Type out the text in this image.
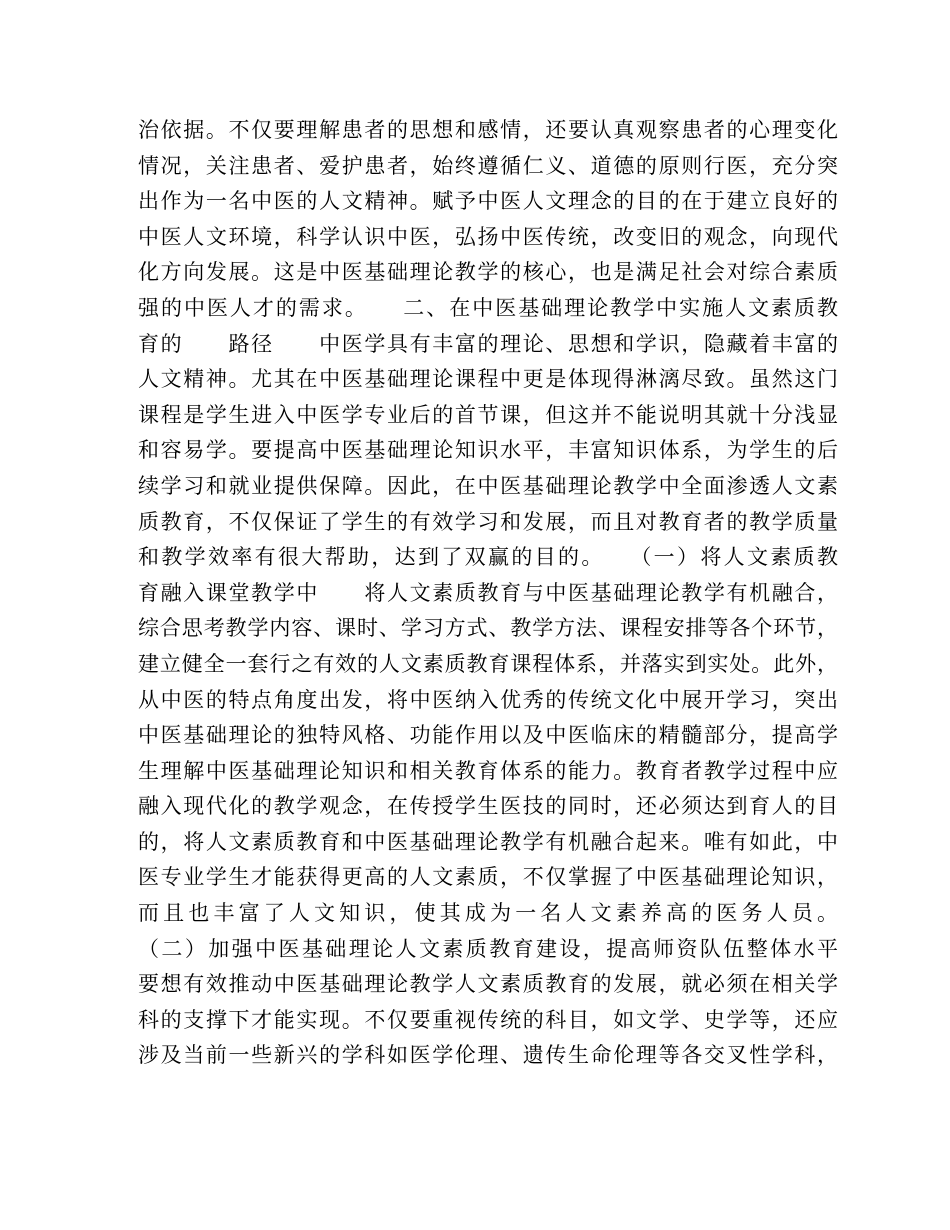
治依据。不仅要理解患者的思想和感情，还要认真观察患者的心理变化
情况，关注患者、爱护患者，始终遵循仁义、道德的原则行医，充分突
出作为一名中医的人文精神。赋予中医人文理念的目的在于建立良好的
中医人文环境，科学认识中医，弘扬中医传统，改变旧的观念，向现代
化方向发展。这是中医基础理论教学的核心，也是满足社会对综合素质
强的中医人才的需求。　　二、在中医基础理论教学中实施人文素质教
育的　　路径　　中医学具有丰富的理论、思想和学识，隐藏着丰富的
人文精神。尤其在中医基础理论课程中更是体现得淋漓尽致。虽然这门
课程是学生进入中医学专业后的首节课，但这并不能说明其就十分浅显
和容易学。要提高中医基础理论知识水平，丰富知识体系，为学生的后
续学习和就业提供保障。因此，在中医基础理论教学中全面渗透人文素
质教育，不仅保证了学生的有效学习和发展，而且对教育者的教学质量
和教学效率有很大帮助，达到了双赢的目的。　　（一）将人文素质教
育融入课堂教学中　　将人文素质教育与中医基础理论教学有机融合，
综合思考教学内容、课时、学习方式、教学方法、课程安排等各个环节，
建立健全一套行之有效的人文素质教育课程体系，并落实到实处。此外，
从中医的特点角度出发，将中医纳入优秀的传统文化中展开学习，突出
中医基础理论的独特风格、功能作用以及中医临床的精髓部分，提高学
生理解中医基础理论知识和相关教育体系的能力。教育者教学过程中应
融入现代化的教学观念，在传授学生医技的同时，还必须达到育人的目
的，将人文素质教育和中医基础理论教学有机融合起来。唯有如此，中
医专业学生才能获得更高的人文素质，不仅掌握了中医基础理论知识，
而且也丰富了人文知识，使其成为一名人文素养高的医务人员。
（二）加强中医基础理论人文素质教育建设，提高师资队伍整体水平
要想有效推动中医基础理论教学人文素质教育的发展，就必须在相关学
科的支撑下才能实现。不仅要重视传统的科目，如文学、史学等，还应
涉及当前一些新兴的学科如医学伦理、遗传生命伦理等各交叉性学科，
